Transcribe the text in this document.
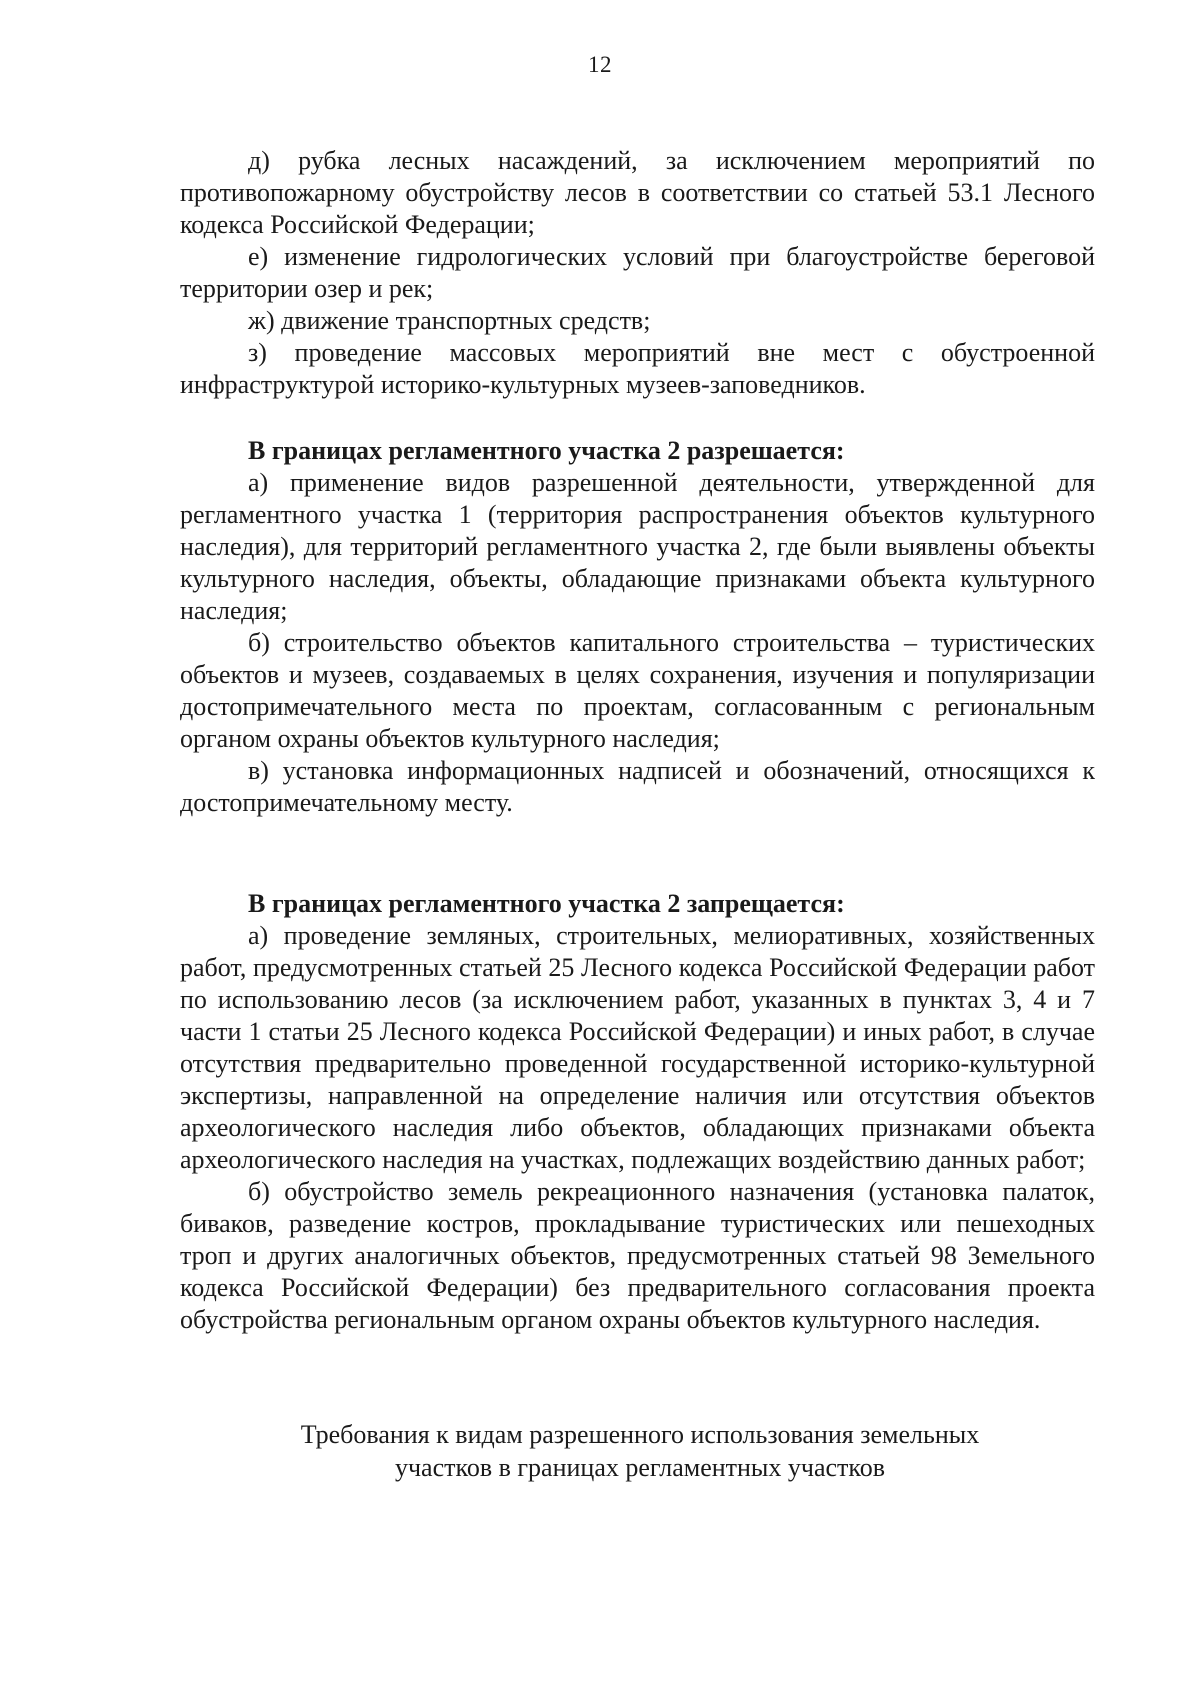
12

д) рубка лесных насаждений, за исключением мероприятий по противопожарному обустройству лесов в соответствии со статьей 53.1 Лесного кодекса Российской Федерации;

е) изменение гидрологических условий при благоустройстве береговой территории озер и рек;

ж) движение транспортных средств;

з) проведение массовых мероприятий вне мест с обустроенной инфраструктурой историко-культурных музеев-заповедников.

В границах регламентного участка 2 разрешается:

а) применение видов разрешенной деятельности, утвержденной для регламентного участка 1 (территория распространения объектов культурного наследия), для территорий регламентного участка 2, где были выявлены объекты культурного наследия, объекты, обладающие признаками объекта культурного наследия;

б) строительство объектов капитального строительства – туристических объектов и музеев, создаваемых в целях сохранения, изучения и популяризации достопримечательного места по проектам, согласованным с региональным органом охраны объектов культурного наследия;

в) установка информационных надписей и обозначений, относящихся к достопримечательному месту.

В границах регламентного участка 2 запрещается:

а) проведение земляных, строительных, мелиоративных, хозяйственных работ, предусмотренных статьей 25 Лесного кодекса Российской Федерации работ по использованию лесов (за исключением работ, указанных в пунктах 3, 4 и 7 части 1 статьи 25 Лесного кодекса Российской Федерации) и иных работ, в случае отсутствия предварительно проведенной государственной историко-культурной экспертизы, направленной на определение наличия или отсутствия объектов археологического наследия либо объектов, обладающих признаками объекта археологического наследия на участках, подлежащих воздействию данных работ;

б) обустройство земель рекреационного назначения (установка палаток, биваков, разведение костров, прокладывание туристических или пешеходных троп и других аналогичных объектов, предусмотренных статьей 98 Земельного кодекса Российской Федерации) без предварительного согласования проекта обустройства региональным органом охраны объектов культурного наследия.

Требования к видам разрешенного использования земельных
участков в границах регламентных участков
